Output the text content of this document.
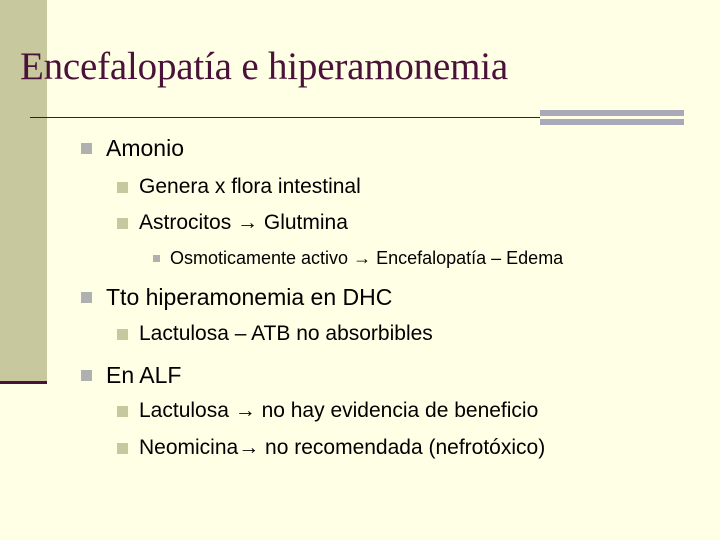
Encefalopatía e hiperamonemia
Amonio
Genera x flora intestinal
Astrocitos → Glutmina
Osmoticamente activo → Encefalopatía – Edema
Tto hiperamonemia en DHC
Lactulosa – ATB no absorbibles
En ALF
Lactulosa → no hay evidencia de beneficio
Neomicina→ no recomendada (nefrotóxico)
